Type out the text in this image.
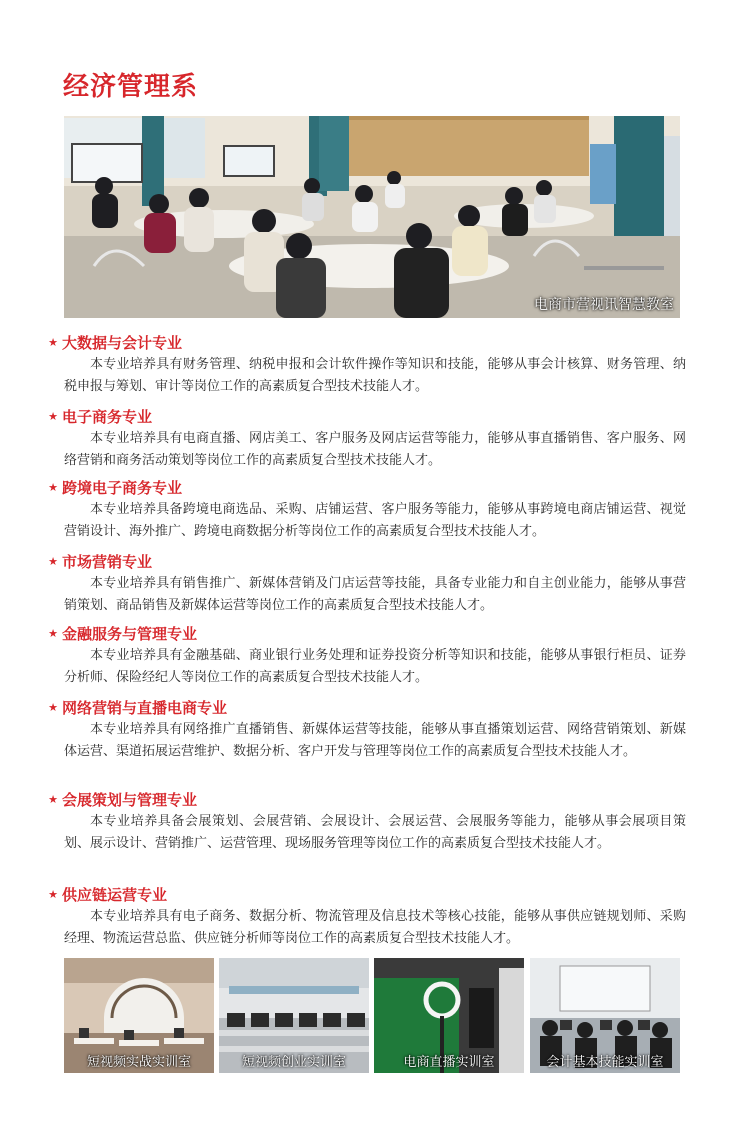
经济管理系
电商市营视讯智慧教室
★ 大数据与会计专业

本专业培养具有财务管理、纳税申报和会计软件操作等知识和技能，能够从事会计核算、财务管理、纳税申报与筹划、审计等岗位工作的高素质复合型技术技能人才。

★ 电子商务专业

本专业培养具有电商直播、网店美工、客户服务及网店运营等能力，能够从事直播销售、客户服务、网络营销和商务活动策划等岗位工作的高素质复合型技术技能人才。

★ 跨境电子商务专业

本专业培养具备跨境电商选品、采购、店铺运营、客户服务等能力，能够从事跨境电商店铺运营、视觉营销设计、海外推广、跨境电商数据分析等岗位工作的高素质复合型技术技能人才。

★ 市场营销专业

本专业培养具有销售推广、新媒体营销及门店运营等技能，具备专业能力和自主创业能力，能够从事营销策划、商品销售及新媒体运营等岗位工作的高素质复合型技术技能人才。

★ 金融服务与管理专业

本专业培养具有金融基础、商业银行业务处理和证券投资分析等知识和技能，能够从事银行柜员、证券分析师、保险经纪人等岗位工作的高素质复合型技术技能人才。

★ 网络营销与直播电商专业

本专业培养具有网络推广直播销售、新媒体运营等技能，能够从事直播策划运营、网络营销策划、新媒体运营、渠道拓展运营维护、数据分析、客户开发与管理等岗位工作的高素质复合型技术技能人才。

★ 会展策划与管理专业

本专业培养具备会展策划、会展营销、会展设计、会展运营、会展服务等能力，能够从事会展项目策划、展示设计、营销推广、运营管理、现场服务管理等岗位工作的高素质复合型技术技能人才。

★ 供应链运营专业

本专业培养具有电子商务、数据分析、物流管理及信息技术等核心技能，能够从事供应链规划师、采购经理、物流运营总监、供应链分析师等岗位工作的高素质复合型技术技能人才。

短视频实战实训室	短视频创业实训室	电商直播实训室	会计基本技能实训室
